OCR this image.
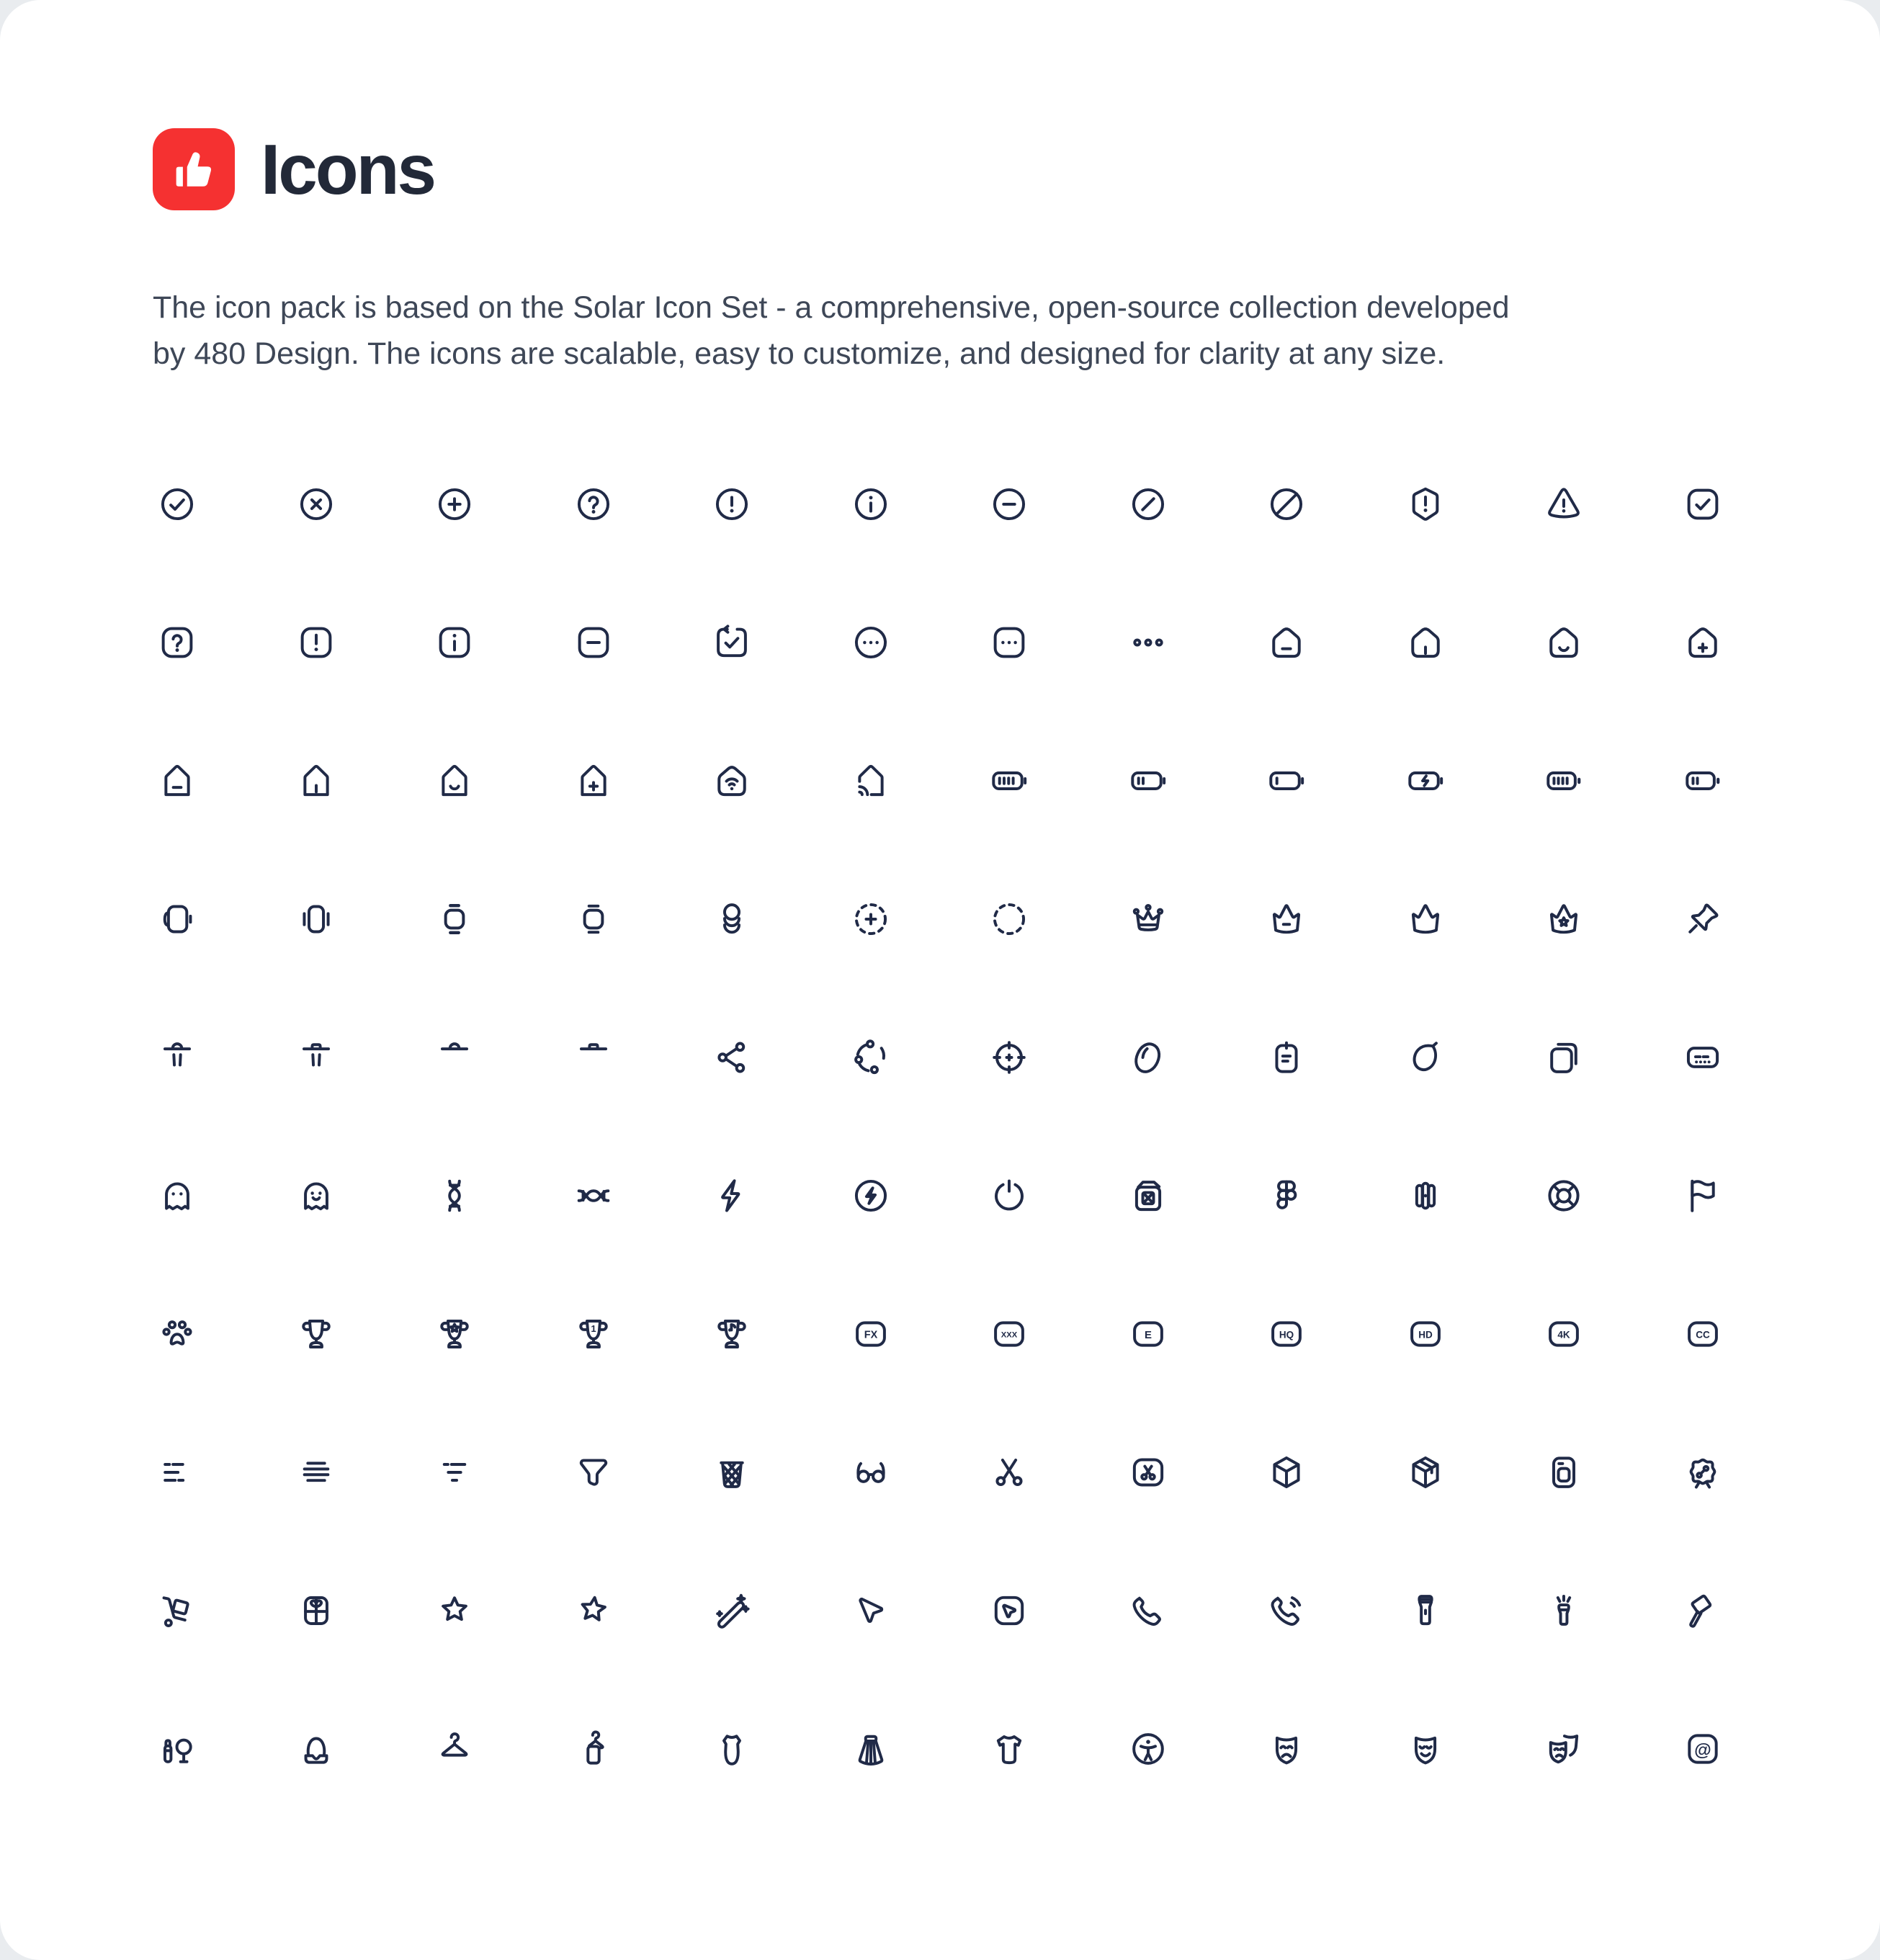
Icons

The icon pack is based on the Solar Icon Set - a comprehensive, open-source collection developed by 480 Design. The icons are scalable, easy to customize, and designed for clarity at any size.

1
FX	XXX	E	HQ	HD	4K	CC
@
